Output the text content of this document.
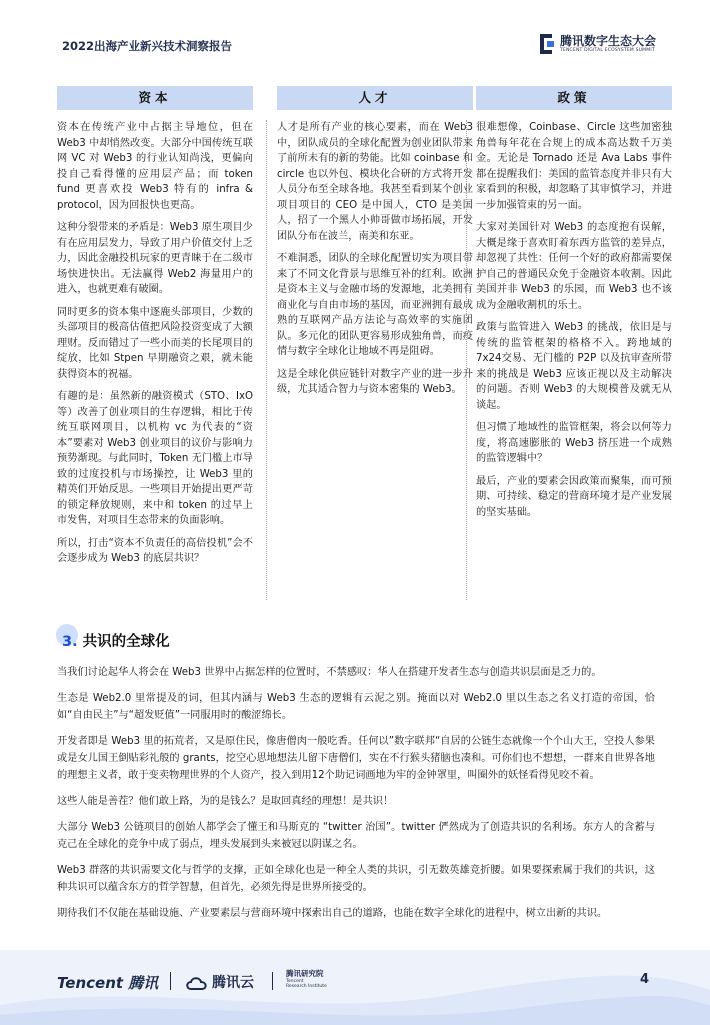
2022出海产业新兴技术洞察报告	腾讯数字生态大会
TENCENT DIGITAL ECOSYSTEM SUMMIT
资本

资本在传统产业中占据主导地位，但在Web3 中却悄然改变。大部分中国传统互联网 VC 对 Web3 的行业认知尚浅，更偏向投自己看得懂的应用层产品；而 token fund 更喜欢投 Web3 特有的 infra & protocol，因为回报快也更高。

这种分裂带来的矛盾是：Web3 原生项目少有在应用层发力，导致了用户价值交付上乏力，因此金融投机玩家的更青睐于在二级市场快进快出。无法赢得 Web2 海量用户的进入，也就更难有破圈。

同时更多的资本集中逐鹿头部项目，少数的头部项目的极高估值把风险投资变成了大额理财。反而错过了一些小而美的长尾项目的绽放，比如 Stpen 早期融资之艰，就未能获得资本的祝福。

有趣的是：虽然新的融资模式（STO、IxO 等）改善了创业项目的生存逻辑，相比于传统互联网项目，以机构 vc 为代表的“资本”要素对 Web3 创业项目的议价与影响力预势渐现。与此同时，Token 无门槛上市导致的过度投机与市场操控，让 Web3 里的精英们开始反思。一些项目开始提出更严苛的锁定释放规则，来中和 token 的过早上市发售，对项目生态带来的负面影响。

所以，打击“资本不负责任的高倍投机”会不会逐步成为 Web3 的底层共识？

人才

人才是所有产业的核心要素，而在 Web3 中，团队成员的全球化配置为创业团队带来了前所未有的新的势能。比如 coinbase 和 circle 也以外包、模块化合研的方式将开发人员分布至全球各地。我甚至看到某个创业项目项目的 CEO 是中国人，CTO 是美国人，招了一个黑人小帅哥做市场拓展，开发团队分布在波兰，南美和东亚。

不难洞悉，团队的全球化配置切实为项目带来了不同文化背景与思维互补的红利。欧洲是资本主义与金融市场的发源地，北美拥有商业化与自由市场的基因，而亚洲拥有最成熟的互联网产品方法论与高效率的实施团队。多元化的团队更容易形成独角兽，而疫情与数字全球化让地域不再是阻碍。

这是全球化供应链针对数字产业的进一步升级，尤其适合智力与资本密集的 Web3。

政策

很难想像，Coinbase、Circle 这些加密独角兽每年花在合规上的成本高达数千万美金。无论是 Tornado 还是 Ava Labs 事件都在提醒我们：美国的监管态度并非只有大家看到的积极，却忽略了其审慎学习，并进一步加强管束的另一面。

大家对美国针对 Web3 的态度抱有误解，大概是缘于喜欢盯着东西方监管的差异点，却忽视了共性：任何一个好的政府都需要保护自己的普通民众免于金融资本收割。因此美国并非 Web3 的乐园，而 Web3 也不该成为金融收割机的乐土。

政策与监管进入 Web3 的挑战，依旧是与传统的监管框架的格格不入。跨地域的 7x24交易、无门槛的 P2P 以及抗审查所带来的挑战是 Web3 应该正视以及主动解决的问题。否则 Web3 的大规模普及就无从谈起。

但习惯了地域性的监管框架，将会以何等力度，将高速膨胀的 Web3 挤压进一个成熟的监管逻辑中？

最后，产业的要素会因政策而聚集，而可预期、可持续、稳定的营商环境才是产业发展的坚实基础。

3. 共识的全球化

当我们讨论起华人将会在 Web3 世界中占据怎样的位置时，不禁感叹：华人在搭建开发者生态与创造共识层面是乏力的。

生态是 Web2.0 里常提及的词，但其内涵与 Web3 生态的逻辑有云泥之别。掩面以对 Web2.0 里以生态之名义打造的帝国，恰如“自由民主”与“超发贬值”一同服用时的酸涩绵长。

开发者即是 Web3 里的拓荒者，又是原住民，像唐僧肉一般吃香。任何以”数字联邦“自居的公链生态就像一个个山大王，空投人参果或是女儿国王倒贴彩礼般的 grants，挖空心思地想法儿留下唐僧们，实在不行猴头猪脑也凑和。可你们也不想想，一群来自世界各地的理想主义者，敢于变卖物理世界的个人资产，投入到用12个助记词画地为牢的金钟罩里，叫圈外的妖怪看得见咬不着。

这些人能是善茬？他们敢上路，为的是钱么？是取回真经的理想！是共识！

大部分 Web3 公链项目的创始人都学会了懂王和马斯克的 “twitter 治国”。twitter 俨然成为了创造共识的名利场。东方人的含蓄与克己在全球化的竞争中成了弱点，埋头发展到头来被冠以阴谋之名。

Web3 群落的共识需要文化与哲学的支撑，正如全球化也是一种全人类的共识，引无数英雄竞折腰。如果要探索属于我们的共识，这种共识可以蕴含东方的哲学智慧，但首先，必须先得是世界所接受的。

期待我们不仅能在基础设施、产业要素层与营商环境中探索出自己的道路，也能在数字全球化的进程中，树立出新的共识。

Tencent 腾讯	腾讯云
腾讯研究院
Tencent
Research Institute	4
